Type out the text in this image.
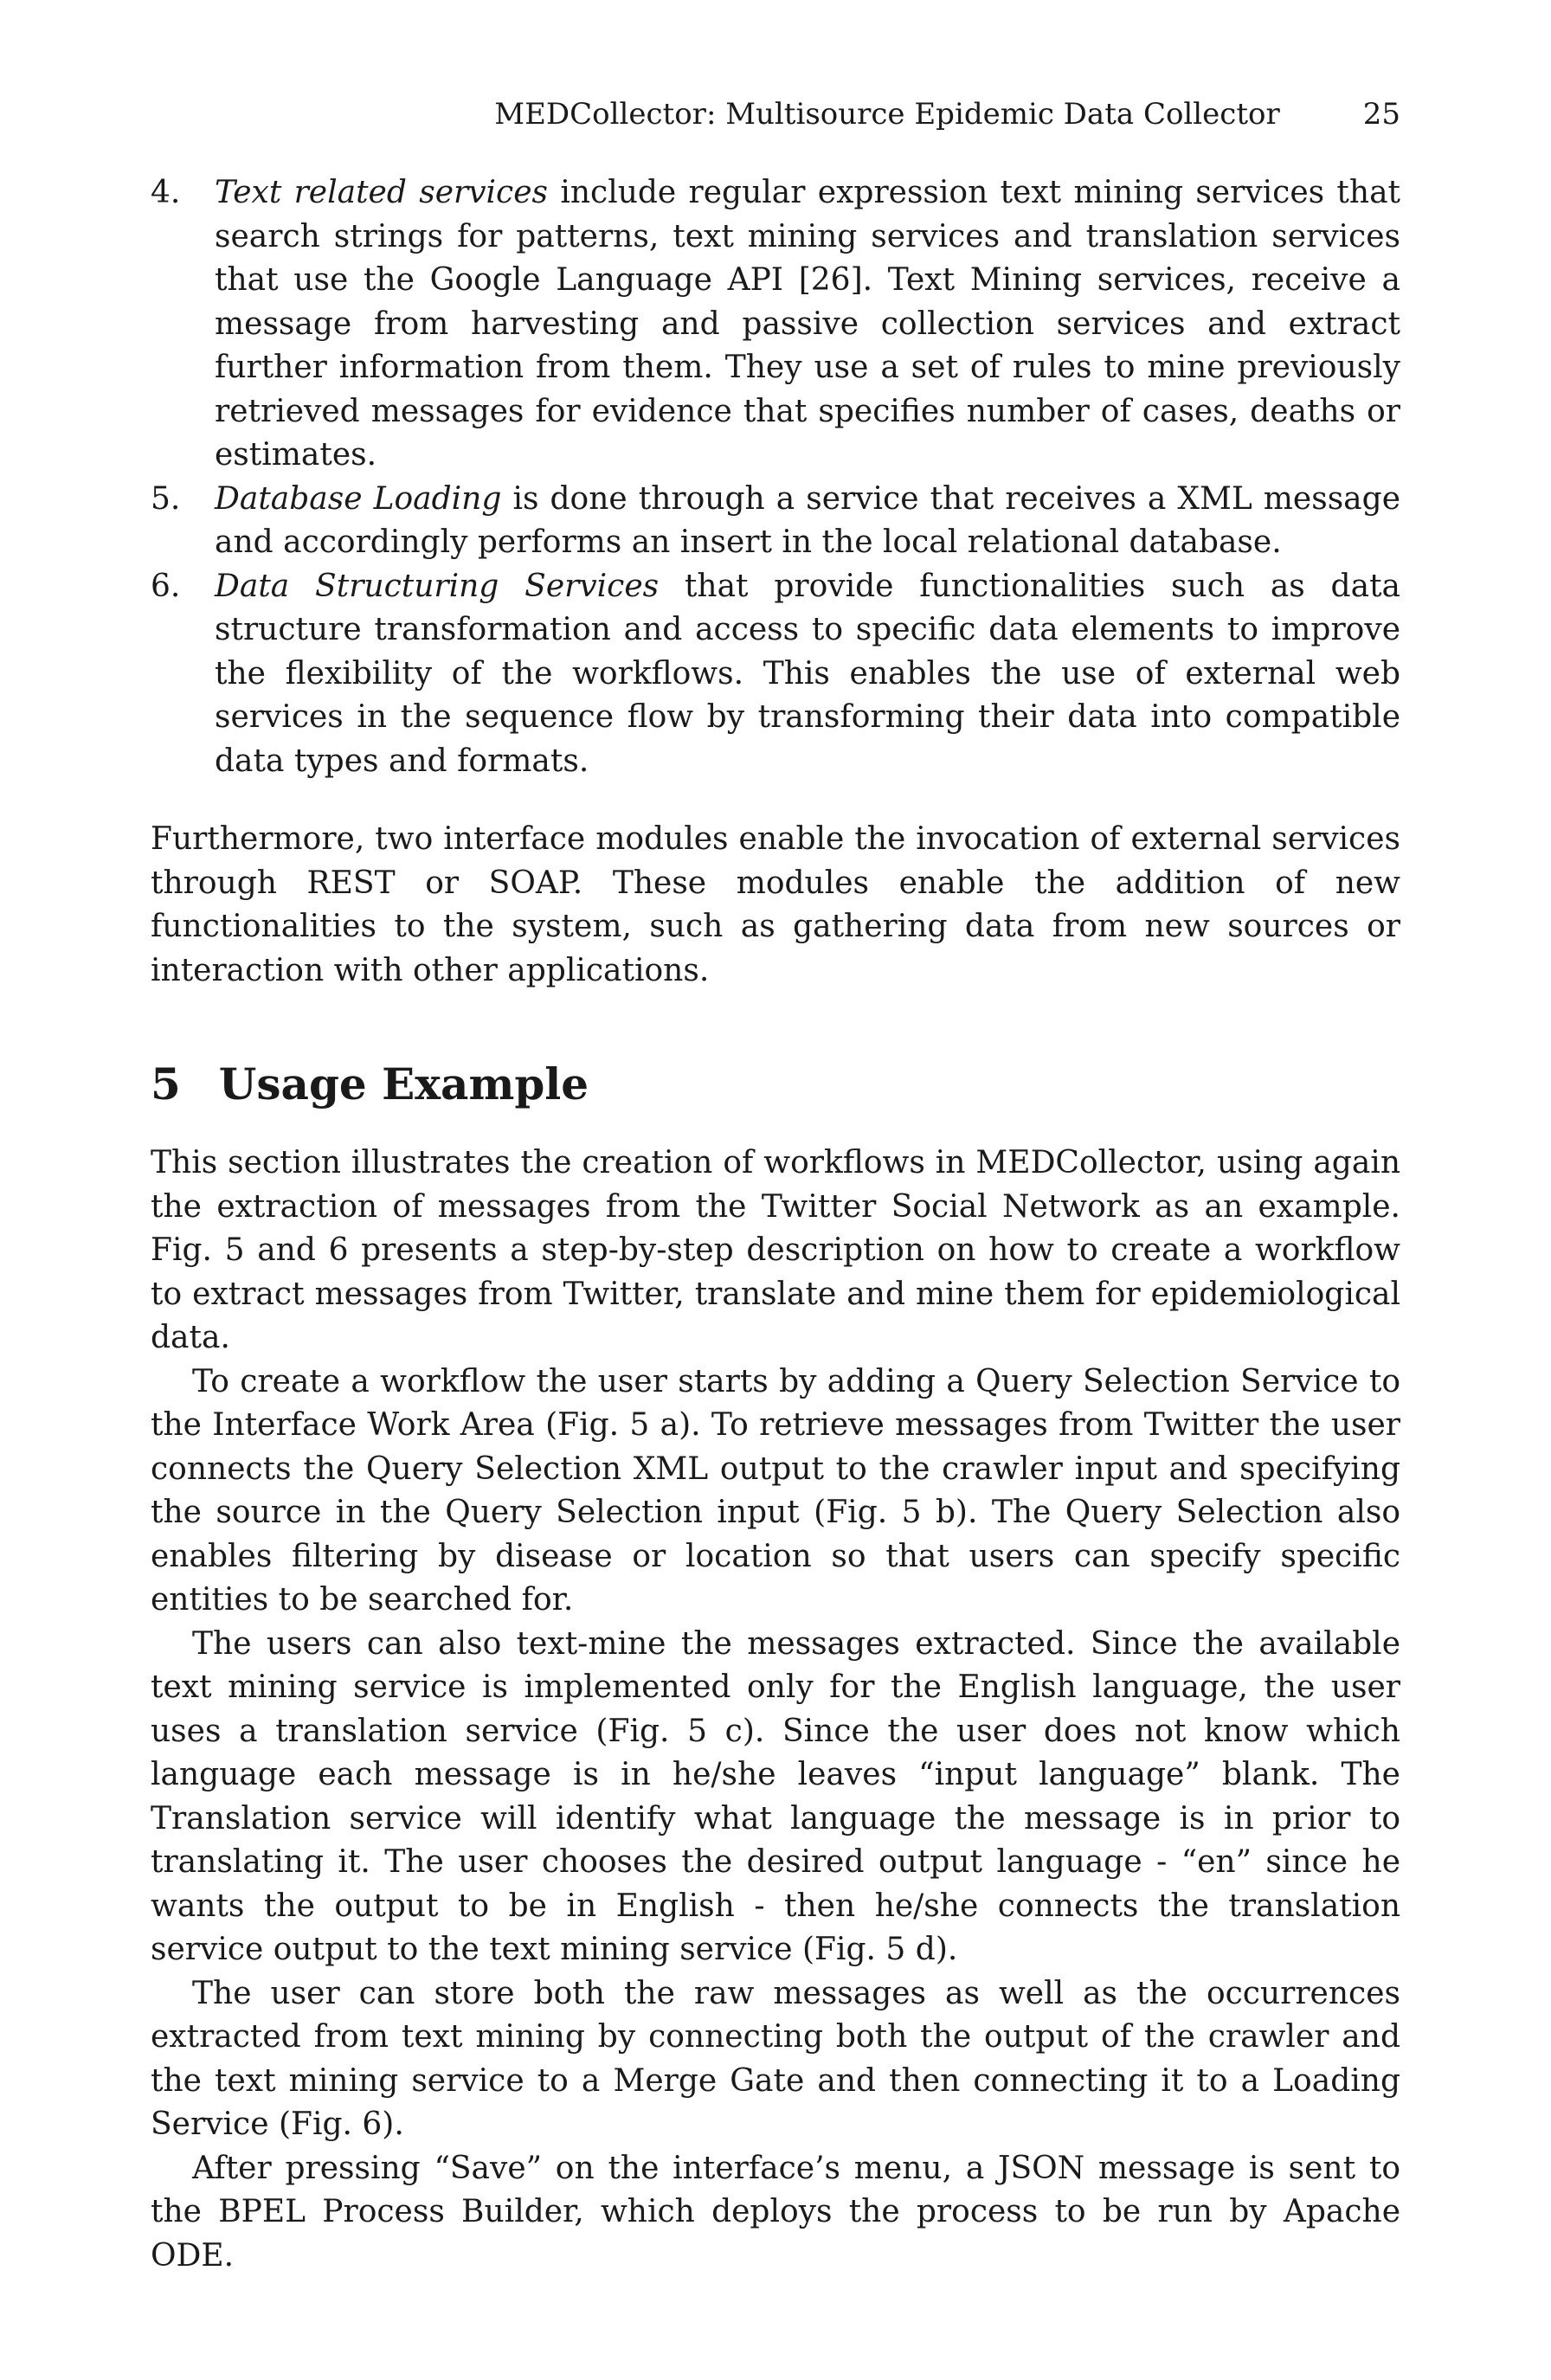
MEDCollector: Multisource Epidemic Data Collector	25
4.	Text related services include regular expression text mining services that search strings for patterns, text mining services and translation services that use the Google Language API [26]. Text Mining services, receive a message from harvesting and passive collection services and extract further information from them. They use a set of rules to mine previously retrieved messages for evidence that specifies number of cases, deaths or estimates.
5.	Database Loading is done through a service that receives a XML message and accordingly performs an insert in the local relational database.
6.	Data Structuring Services that provide functionalities such as data structure transformation and access to specific data elements to improve the flexibility of the workflows. This enables the use of external web services in the sequence flow by transforming their data into compatible data types and formats.

Furthermore, two interface modules enable the invocation of external services through REST or SOAP. These modules enable the addition of new functionalities to the system, such as gathering data from new sources or interaction with other applications.

5 Usage Example

This section illustrates the creation of workflows in MEDCollector, using again the extraction of messages from the Twitter Social Network as an example. Fig. 5 and 6 presents a step-by-step description on how to create a workflow to extract messages from Twitter, translate and mine them for epidemiological data.

To create a workflow the user starts by adding a Query Selection Service to the Interface Work Area (Fig. 5 a). To retrieve messages from Twitter the user connects the Query Selection XML output to the crawler input and specifying the source in the Query Selection input (Fig. 5 b). The Query Selection also enables filtering by disease or location so that users can specify specific entities to be searched for.

The users can also text-mine the messages extracted. Since the available text mining service is implemented only for the English language, the user uses a translation service (Fig. 5 c). Since the user does not know which language each message is in he/she leaves “input language” blank. The Translation service will identify what language the message is in prior to translating it. The user chooses the desired output language - “en” since he wants the output to be in English - then he/she connects the translation service output to the text mining service (Fig. 5 d).

The user can store both the raw messages as well as the occurrences extracted from text mining by connecting both the output of the crawler and the text mining service to a Merge Gate and then connecting it to a Loading Service (Fig. 6).

After pressing “Save” on the interface’s menu, a JSON message is sent to the BPEL Process Builder, which deploys the process to be run by Apache ODE.
